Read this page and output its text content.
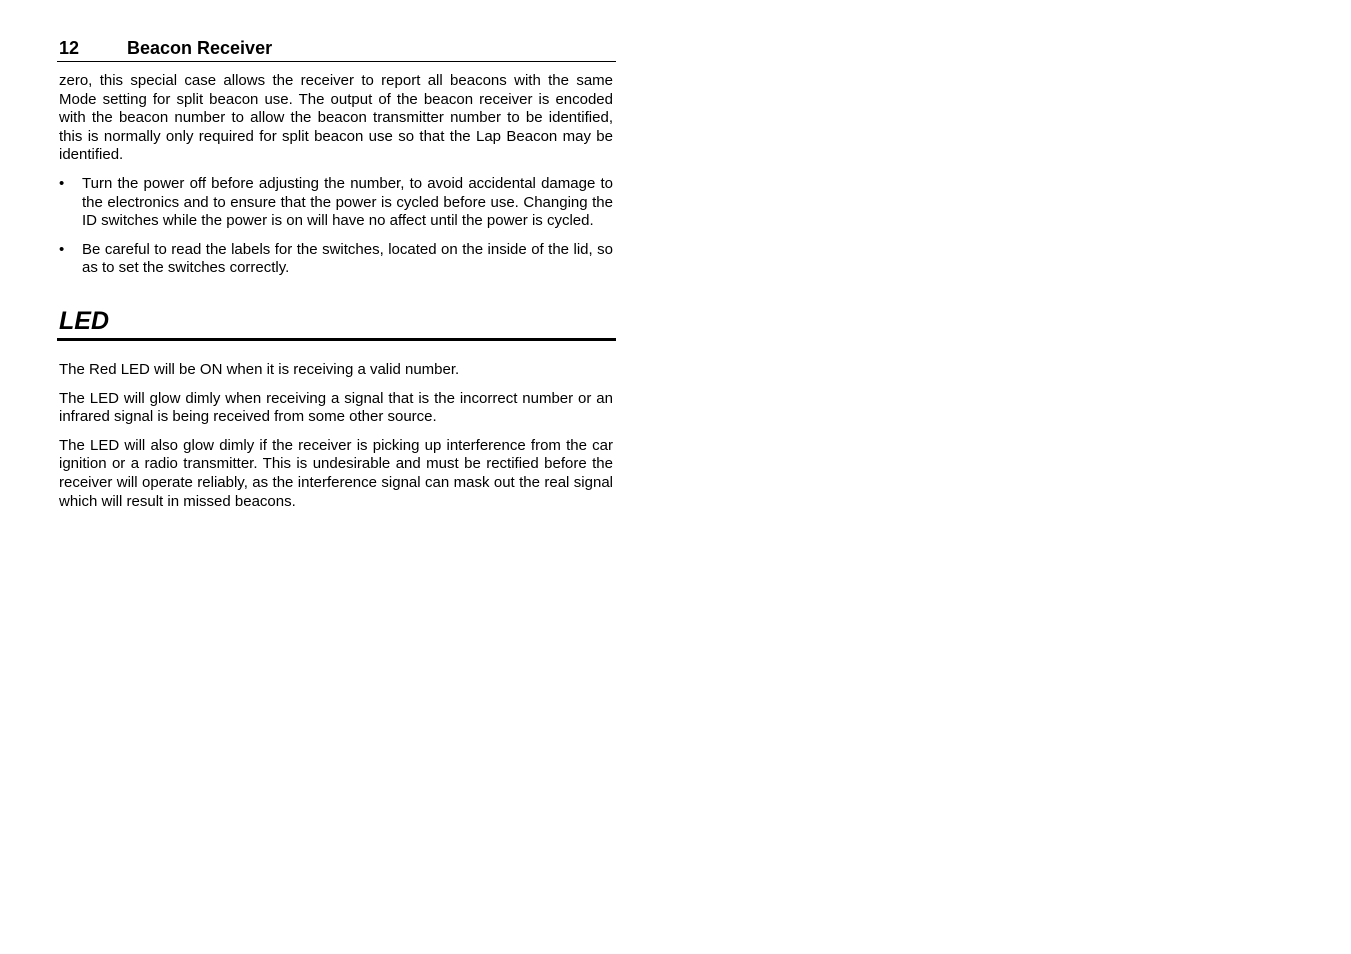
12	Beacon Receiver

zero, this special case allows the receiver to report all beacons with the same Mode setting for split beacon use. The output of the beacon receiver is encoded with the beacon number to allow the beacon transmitter number to be identified, this is normally only required for split beacon use so that the Lap Beacon may be identified.

• Turn the power off before adjusting the number, to avoid accidental damage to the electronics and to ensure that the power is cycled before use. Changing the ID switches while the power is on will have no affect until the power is cycled.
• Be careful to read the labels for the switches, located on the inside of the lid, so as to set the switches correctly.
LED

The Red LED will be ON when it is receiving a valid number.

The LED will glow dimly when receiving a signal that is the incorrect number or an infrared signal is being received from some other source.

The LED will also glow dimly if the receiver is picking up interference from the car ignition or a radio transmitter. This is undesirable and must be rectified before the receiver will operate reliably, as the interference signal can mask out the real signal which will result in missed beacons.
